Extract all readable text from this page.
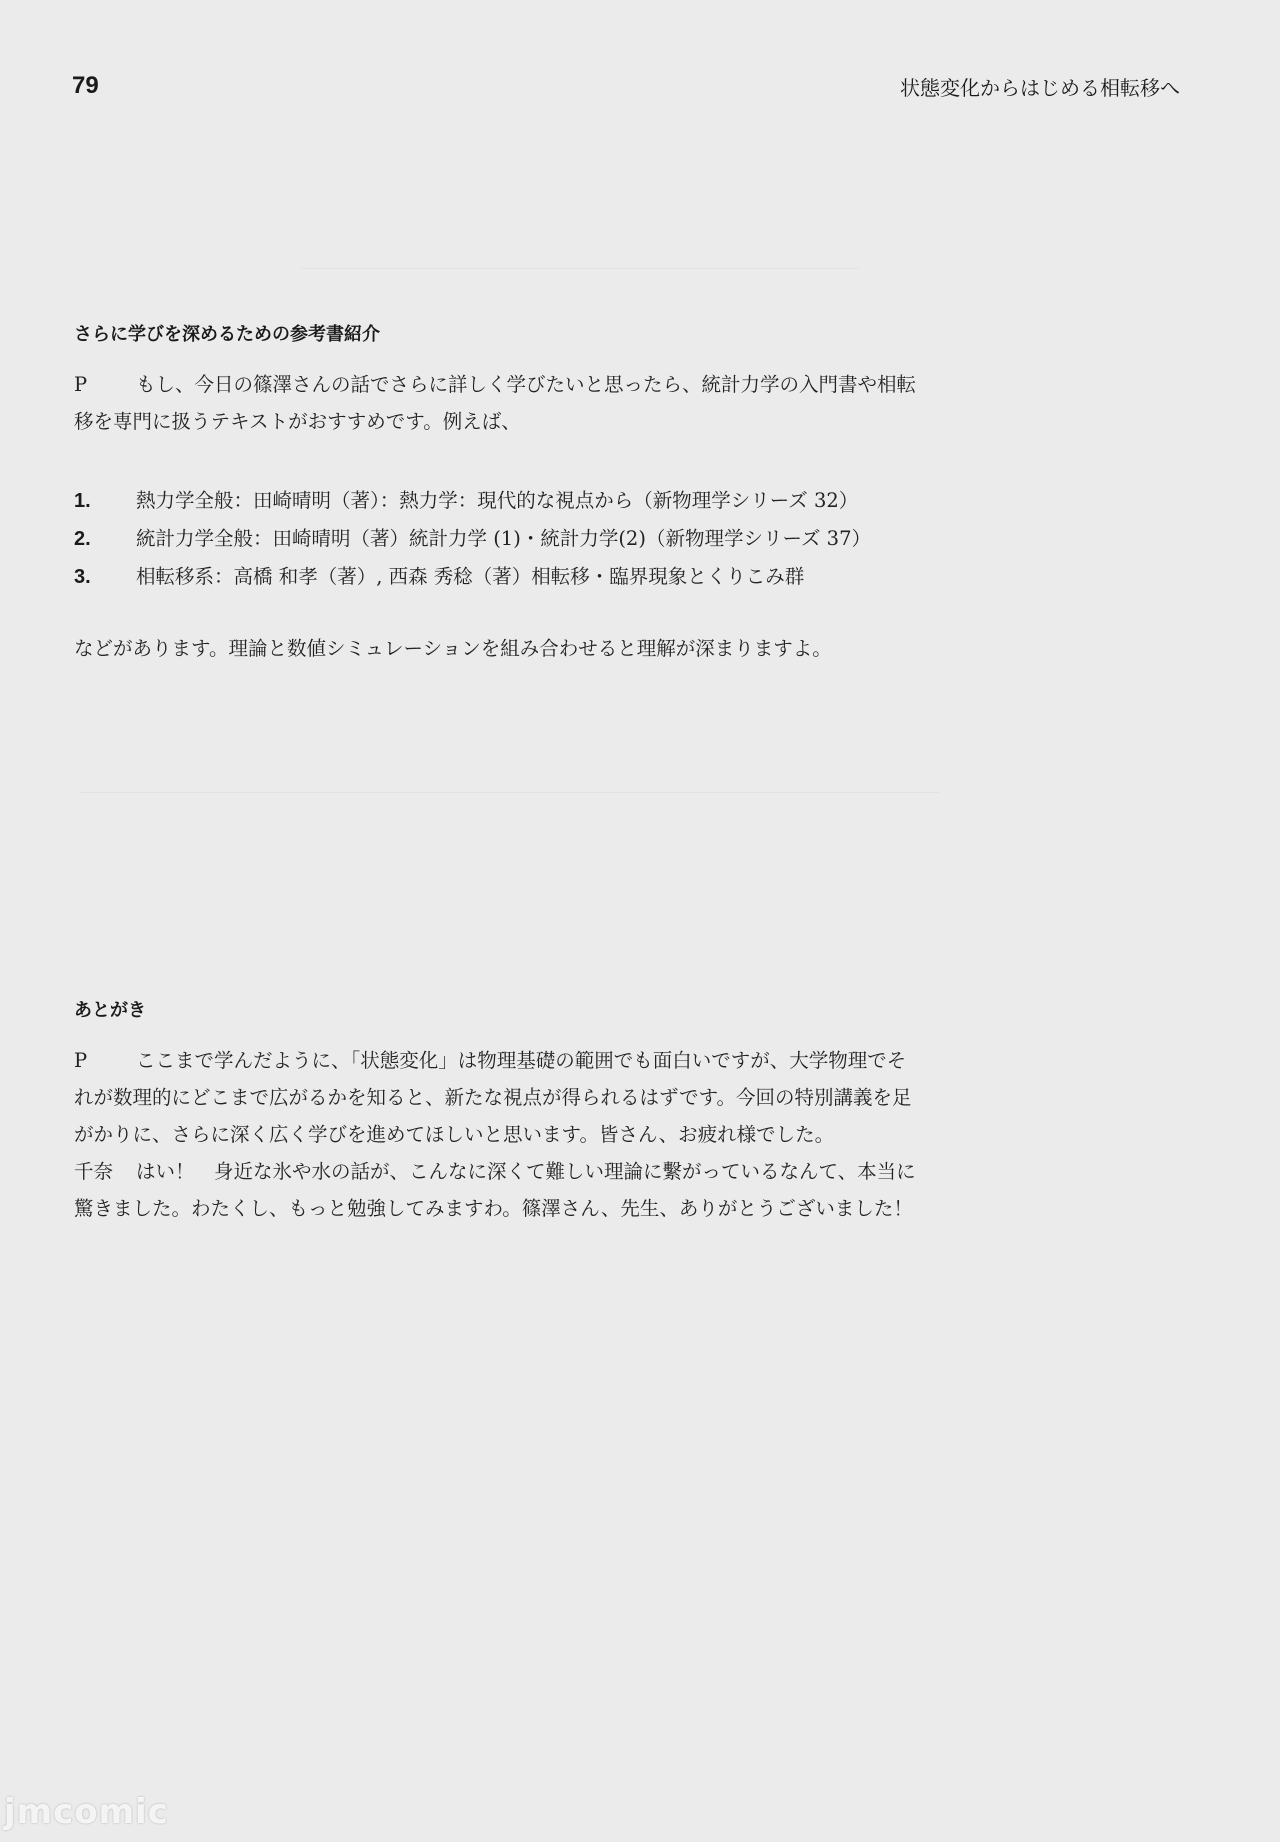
79	状態変化からはじめる相転移へ
さらに学びを深めるための参考書紹介
P	もし、今日の篠澤さんの話でさらに詳しく学びたいと思ったら、統計力学の入門書や相転
移を専門に扱うテキストがおすすめです。例えば、
1. 熱力学全般：田崎晴明（著）：熱力学：現代的な視点から（新物理学シリーズ 32）
2. 統計力学全般：田崎晴明（著）統計力学 (1)・統計力学(2)（新物理学シリーズ 37）
3. 相転移系：高橋 和孝（著）, 西森 秀稔（著）相転移・臨界現象とくりこみ群
などがあります。理論と数値シミュレーションを組み合わせると理解が深まりますよ。
あとがき
P	ここまで学んだように、「状態変化」は物理基礎の範囲でも面白いですが、大学物理でそ
れが数理的にどこまで広がるかを知ると、新たな視点が得られるはずです。今回の特別講義を足
がかりに、さらに深く広く学びを進めてほしいと思います。皆さん、お疲れ様でした。
千奈 はい！　身近な氷や水の話が、こんなに深くて難しい理論に繫がっているなんて、本当に
驚きました。わたくし、もっと勉強してみますわ。篠澤さん、先生、ありがとうございました！
jmcomic
